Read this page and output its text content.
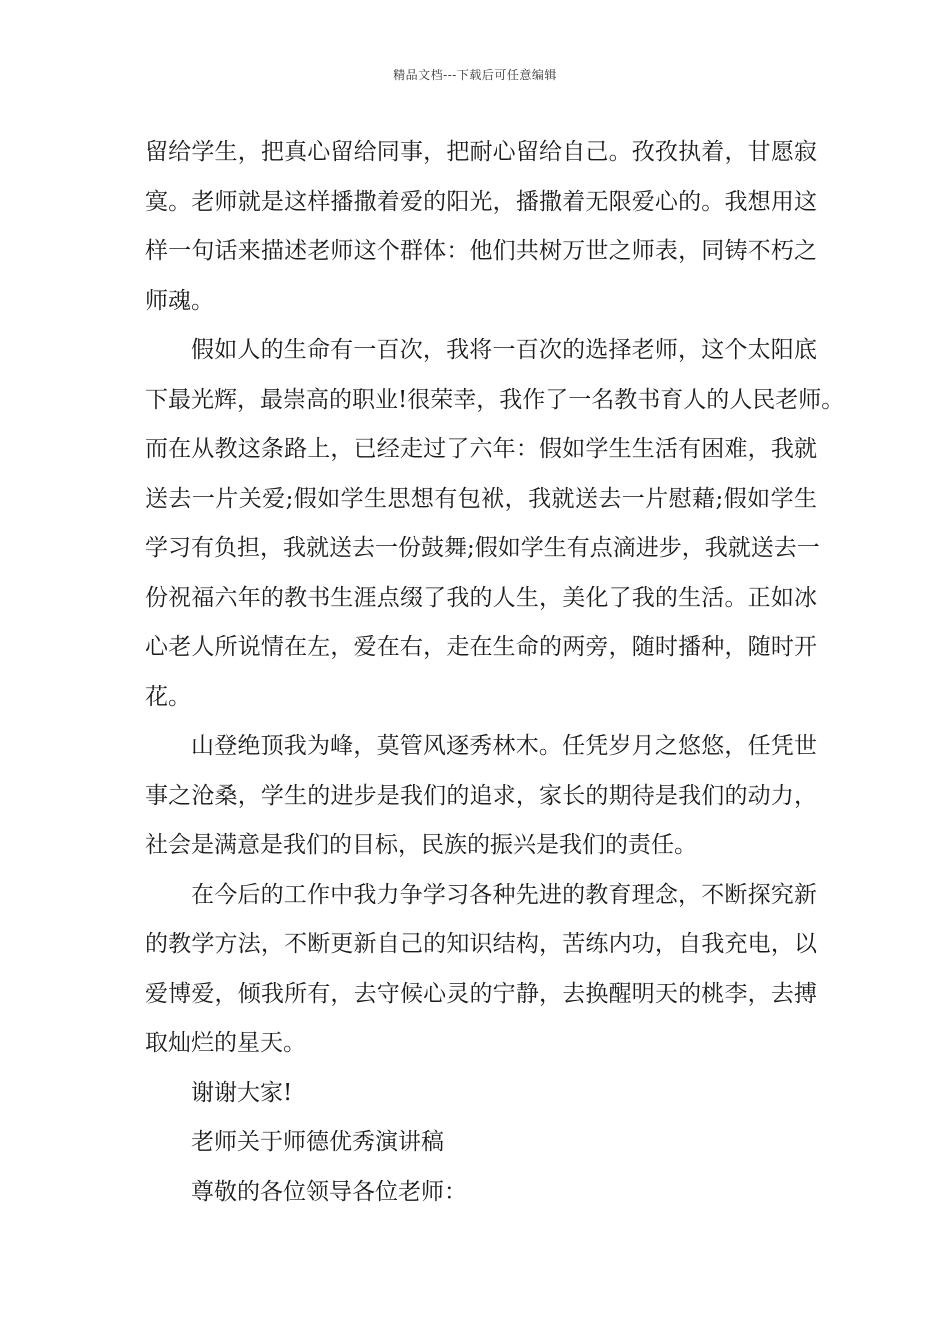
精品文档---下载后可任意编辑
留给学生，把真心留给同事，把耐心留给自己。孜孜执着，甘愿寂
寞。老师就是这样播撒着爱的阳光，播撒着无限爱心的。我想用这
样一句话来描述老师这个群体：他们共树万世之师表，同铸不朽之
师魂。
假如人的生命有一百次，我将一百次的选择老师，这个太阳底
下最光辉，最崇高的职业!很荣幸，我作了一名教书育人的人民老师。
而在从教这条路上，已经走过了六年：假如学生生活有困难，我就
送去一片关爱;假如学生思想有包袱，我就送去一片慰藉;假如学生
学习有负担，我就送去一份鼓舞;假如学生有点滴进步，我就送去一
份祝福六年的教书生涯点缀了我的人生，美化了我的生活。正如冰
心老人所说情在左，爱在右，走在生命的两旁，随时播种，随时开
花。
山登绝顶我为峰，莫管风逐秀林木。任凭岁月之悠悠，任凭世
事之沧桑，学生的进步是我们的追求，家长的期待是我们的动力，
社会是满意是我们的目标，民族的振兴是我们的责任。
在今后的工作中我力争学习各种先进的教育理念，不断探究新
的教学方法，不断更新自己的知识结构，苦练内功，自我充电，以
爱博爱，倾我所有，去守候心灵的宁静，去换醒明天的桃李，去搏
取灿烂的星天。
谢谢大家!
老师关于师德优秀演讲稿
尊敬的各位领导各位老师：
